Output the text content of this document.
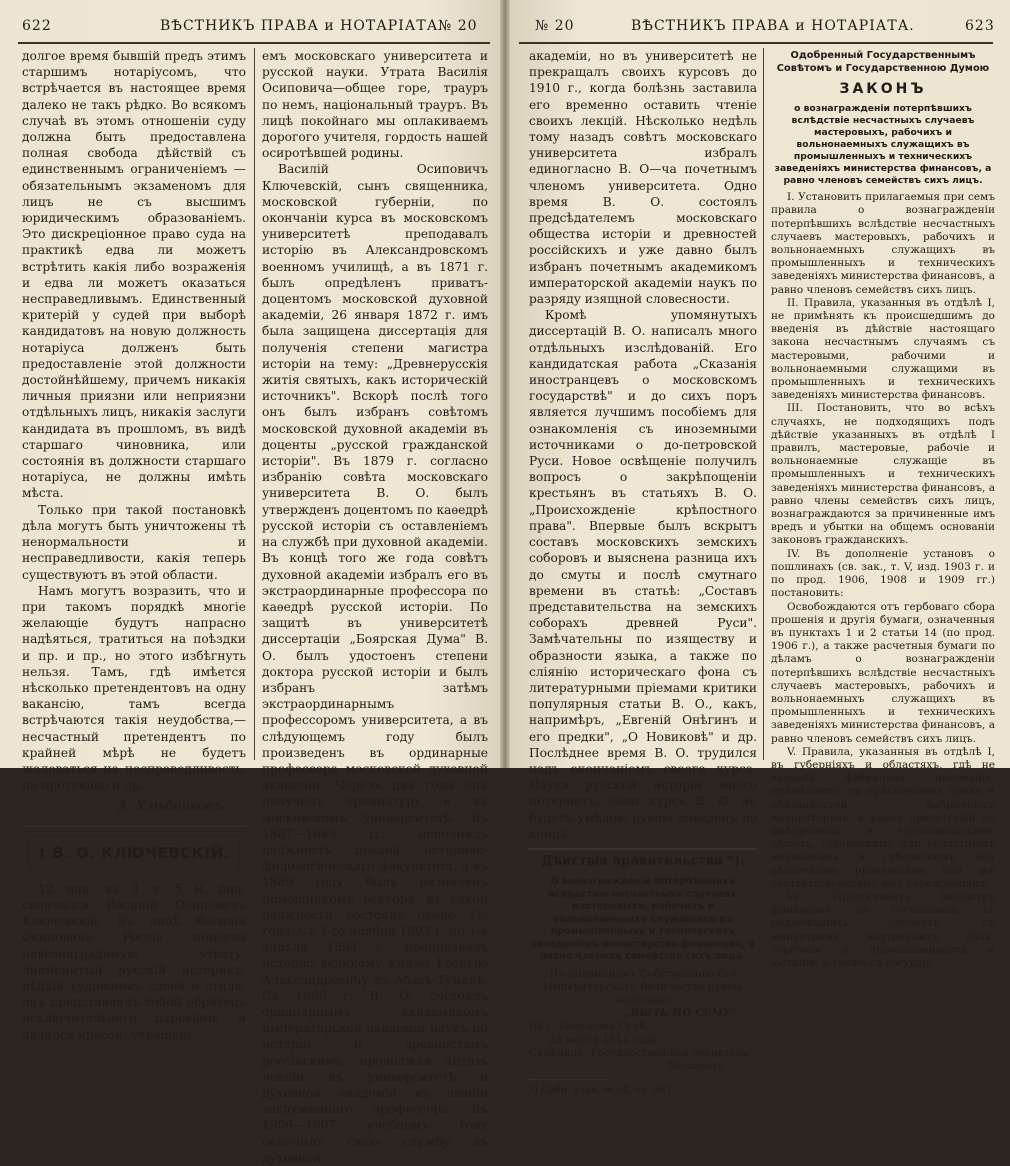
622	ВѢСТНИКЪ ПРАВА и НОТАРІАТА.
№ 20

долгое время бывшій предъ этимъ старшимъ нотаріусомъ, что встрѣчается въ настоящее время далеко не такъ рѣдко. Во всякомъ случаѣ въ этомъ отношеніи суду должна быть предоставлена полная свобода дѣйствій съ единственнымъ ограниченіемъ — обязательнымъ экзаменомъ для лицъ не съ высшимъ юридическимъ образованіемъ. Это дискреціонное право суда на практикѣ едва ли можетъ встрѣтить какія либо возраженія и едва ли можетъ оказаться несправедливымъ. Единственный критерій у судей при выборѣ кандидатовъ на новую должность нотаріуса долженъ быть предоставленіе этой должности достойнѣйшему, причемъ никакія личныя приязни или неприязни отдѣльныхъ лицъ, никакія заслуги кандидата въ прошломъ, въ видѣ старшаго чиновника, или состоянія въ должности старшаго нотаріуса, не должны имѣть мѣста.

Только при такой постановкѣ дѣла могутъ быть уничтожены тѣ ненормальности и несправедливости, какія теперь существуютъ въ этой области.

Намъ могутъ возразить, что и при такомъ порядкѣ многіе желающіе будутъ напрасно надѣяться, тратиться на поѣздки и пр. и пр., но этого избѣгнуть нельзя. Тамъ, гдѣ имѣется нѣсколько претендентовъ на одну вакансію, тамъ всегда встрѣчаются такія неудобства,—несчастный претендентъ по крайней мѣрѣ не будетъ жаловаться на несправедливость, на протекцію и пр.

А. Хлѣбниковъ.
† В. О. КЛЮЧЕВСКІЙ.

12 мая, въ 3 ч. 5 м. дня, скончался Василій Осиповичъ Ключевскій. Въ лицѣ Василія Осиповича Россія понесла невознаградимую утрату. Знаменитый русскій историкъ, рѣдкій художникъ слова и стиля, онъ представлялъ собой образецъ исключительного дарованія и являлся красой, украшені-

емъ московскаго университета и русской науки. Утрата Василія Осиповича—общее горе, трауръ по немъ, національный трауръ. Въ лицѣ покойнаго мы оплакиваемъ дорогого учителя, гордость нашей осиротѣвшей родины.

Василій Осиповичъ Ключевскій, сынъ священника, московской губерніи, по окончаніи курса въ московскомъ университетѣ преподавалъ исторію въ Александровскомъ военномъ училищѣ, а въ 1871 г. былъ опредѣленъ приватъ-доцентомъ московской духовной академіи, 26 января 1872 г. имъ была защищена диссертація для полученія степени магистра исторіи на тему: „Древнерусскія житія святыхъ, какъ историческій источникъ". Вскорѣ послѣ того онъ былъ избранъ совѣтомъ московской духовной академіи въ доценты „русской гражданской исторіи". Въ 1879 г. согласно избранію совѣта московскаго университета В. О. былъ утвержденъ доцентомъ по каѳедрѣ русской исторіи съ оставленіемъ на службѣ при духовной академіи. Въ концѣ того же года совѣтъ духовной академіи избралъ его въ экстраординарные профессора по каѳедрѣ русской исторіи. По защитѣ въ университетѣ диссертаціи „Боярская Дума" В. О. былъ удостоенъ степени доктора русской исторіи и былъ избранъ затѣмъ экстраординарнымъ профессоромъ университета, а въ слѣдующемъ году былъ произведенъ въ ординарные профессора московской духовной академіи. Черезъ два года онъ получилъ ординатуру и въ московскомъ университетѣ. Въ 1887—1889 гг. исполнялъ должность декана историко-филологическаго факультета, а въ 1889 году былъ назначенъ помощникомъ ректора, въ какой должности состоялъ около 1½ года. Съ 1-го ноября 1893 г. по 1-е апрѣля 1894 г. преподавалъ исторію великому князю Георгію Александровичу въ Абасъ-Туманѣ. Съ 1900 г. В. О. состоялъ ординарнымъ академикомъ императорской академіи наукъ по исторіи и древностямъ россійскимъ, продолжая читать лекціи въ университетѣ и духовной академіи въ званіи заслуженнаго профессора. Въ 1906—1907 учебномъ году окончилъ свою службу въ духовной

№ 20	ВѢСТНИКЪ ПРАВА и НОТАРІАТА.	623

академіи, но въ университетѣ не прекращалъ своихъ курсовъ до 1910 г., когда болѣзнь заставила его временно оставить чтеніе своихъ лекцій. Нѣсколько недѣль тому назадъ совѣтъ московскаго университета избралъ единогласно В. О—ча почетнымъ членомъ университета. Одно время В. О. состоялъ предсѣдателемъ московскаго общества исторіи и древностей россійскихъ и уже давно былъ избранъ почетнымъ академикомъ императорской академіи наукъ по разряду изящной словесности.

Кромѣ упомянутыхъ диссертацій В. О. написалъ много отдѣльныхъ изслѣдованій. Его кандидатская работа „Сказанія иностранцевъ о московскомъ государствѣ" и до сихъ поръ является лучшимъ пособіемъ для ознакомленія съ иноземными источниками о до-петровской Руси. Новое освѣщеніе получилъ вопросъ о закрѣпощеніи крестьянъ въ статьяхъ В. О. „Происхожденіе крѣпостного права". Впервые былъ вскрытъ составъ московскихъ земскихъ соборовъ и выяснена разница ихъ до смуты и послѣ смутнаго времени въ статьѣ: „Составъ представительства на земскихъ соборахъ древней Руси". Замѣчательны по изяществу и образности языка, а также по слiянію историческаго фона съ литературными пріемами критики популярныя статьи В. О., какъ, напримѣръ, „Евгеній Онѣгинъ и его предки", „О Новиковѣ" и др. Послѣднее время В. О. трудился надъ окончаніемъ своего курса. Наука русской исторіи много потеряетъ, если курсъ В. О. не будетъ умѣлою рукою доведенъ до конца.

Дѣйствія правительства *).
О вознагражденіи потерпѣвшихъ вслѣдствіе несчастныхъ случаевъ мастеровыхъ, рабочихъ и вольнонаемныхъ служащихъ въ промышленныхъ и техническихъ заведеніяхъ министерства финансовъ, а равно членовъ семействъ сихъ лицъ.
На подлинномъ Собственною Его Императорскаго Величества рукою написано:
„БЫТЬ ПО СЕМУ"
Въ г. Царскомъ Селѣ.
23 марта 1911 года.
Скрѣпилъ: Государственный секретарь
Макаровъ.
*) Собр. узак. № 64, ст. 567.
Одобренный Государственнымъ Совѣтомъ и Государственною Думою
ЗАКОНЪ
о вознагражденіи потерпѣвшихъ вслѣдствіе несчастныхъ случаевъ мастеровыхъ, рабочихъ и вольнонаемныхъ служащихъ въ промышленныхъ и техническихъ заведеніяхъ министерства финансовъ, а равно членовъ семействъ сихъ лицъ.

I. Установить прилагаемыя при семъ правила о вознагражденіи потерпѣвшихъ вслѣдствіе несчастныхъ случаевъ мастеровыхъ, рабочихъ и вольнонаемныхъ служащихъ въ промышленныхъ и техническихъ заведеніяхъ министерства финансовъ, а равно членовъ семействъ сихъ лицъ.

II. Правила, указанныя въ отдѣлѣ I, не примѣнять къ происшедшимъ до введенія въ дѣйствіе настоящаго закона несчастнымъ случаямъ съ мастеровыми, рабочими и вольнонаемными служащими въ промышленныхъ и техническихъ заведеніяхъ министерства финансовъ.

III. Постановить, что во всѣхъ случаяхъ, не подходящихъ подъ дѣйствіе указанныхъ въ отдѣлѣ I правилъ, мастеровые, рабочіе и вольнонаемные служащіе въ промышленныхъ и техническихъ заведеніяхъ министерства финансовъ, а равно члены семействъ сихъ лицъ, вознаграждаются за причиненные имъ вредъ и убытки на общемъ основаніи законовъ гражданскихъ.

IV. Въ дополненіе установъ о пошлинахъ (св. зак., т. V, изд. 1903 г. и по прод. 1906, 1908 и 1909 гг.) постановить:

Освобождаются отъ гербоваго сбора прошенія и другія бумаги, означенныя въ пунктахъ 1 и 2 статьи 14 (по прод. 1906 г.), а также расчетныя бумаги по дѣламъ о вознагражденіи потерпѣвшихъ вслѣдствіе несчастныхъ случаевъ мастеровыхъ, рабочихъ и вольнонаемныхъ служащихъ въ промышленныхъ и техническихъ заведеніяхъ министерства финансовъ, а равно членовъ семействъ сихъ лицъ.

V. Правила, указанныя въ отдѣлѣ I, въ губерніяхъ и областяхъ, гдѣ не введена фабричная инспекція, примѣняютъ съ присвоеніемъ правъ и обязанностей фабричныхъ инспекторовъ, а равно присутствій по фабричнымъ и горнозаводскимъ дѣламъ, губернскимъ или областнымъ механикамъ и губернскимъ или областнымъ правленіямъ или же соотвѣтствующимъ имъ учрежденіямъ.

VI. Предоставить министру финансовъ, по соглашенію, въ подлежащихъ случаяхъ, съ министрами внутреннихъ дѣлъ, торговли и промышленности и юстиціи, а также съ государ-
